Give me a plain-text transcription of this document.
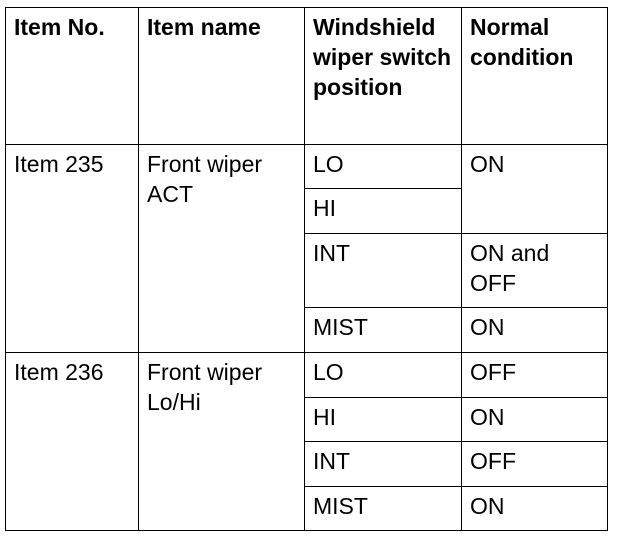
Item No.	Item name	Windshield wiper switch position	Normal condition
Item 235	Front wiper ACT	LO	ON
		HI	
		INT	ON and OFF
		MIST	ON
Item 236	Front wiper Lo/Hi	LO	OFF
		HI	ON
		INT	OFF
		MIST	ON
